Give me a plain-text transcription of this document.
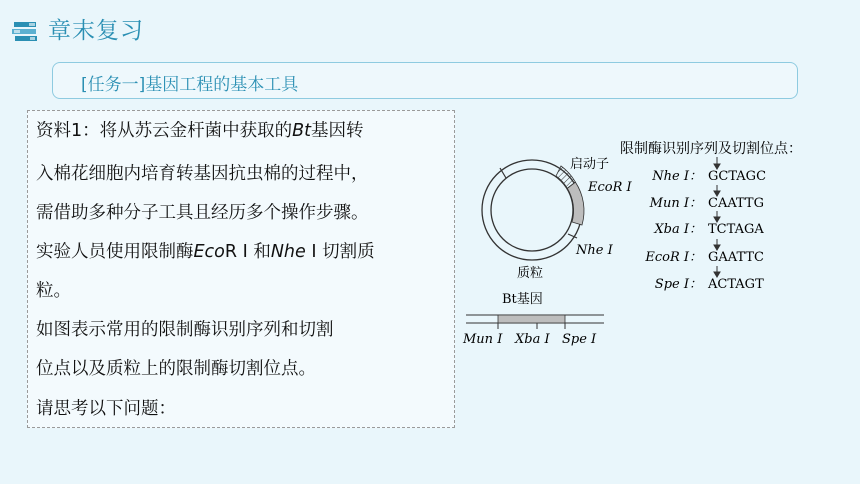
章末复习
[任务一]基因工程的基本工具
资料1：将从苏云金杆菌中获取的Bt基因转
入棉花细胞内培育转基因抗虫棉的过程中，
需借助多种分子工具且经历多个操作步骤。
实验人员使用限制酶EcoR Ⅰ 和Nhe Ⅰ 切割质
粒。
如图表示常用的限制酶识别序列和切割
位点以及质粒上的限制酶切割位点。
请思考以下问题：
启动子
EcoR Ⅰ
Nhe Ⅰ
质粒
Bt基因
Mun Ⅰ Xba Ⅰ Spe Ⅰ
限制酶识别序列及切割位点：
Nhe Ⅰ： GCTAGC
Mun Ⅰ： CAATTG
Xba Ⅰ： TCTAGA
EcoR Ⅰ： GAATTC
Spe Ⅰ： ACTAGT
